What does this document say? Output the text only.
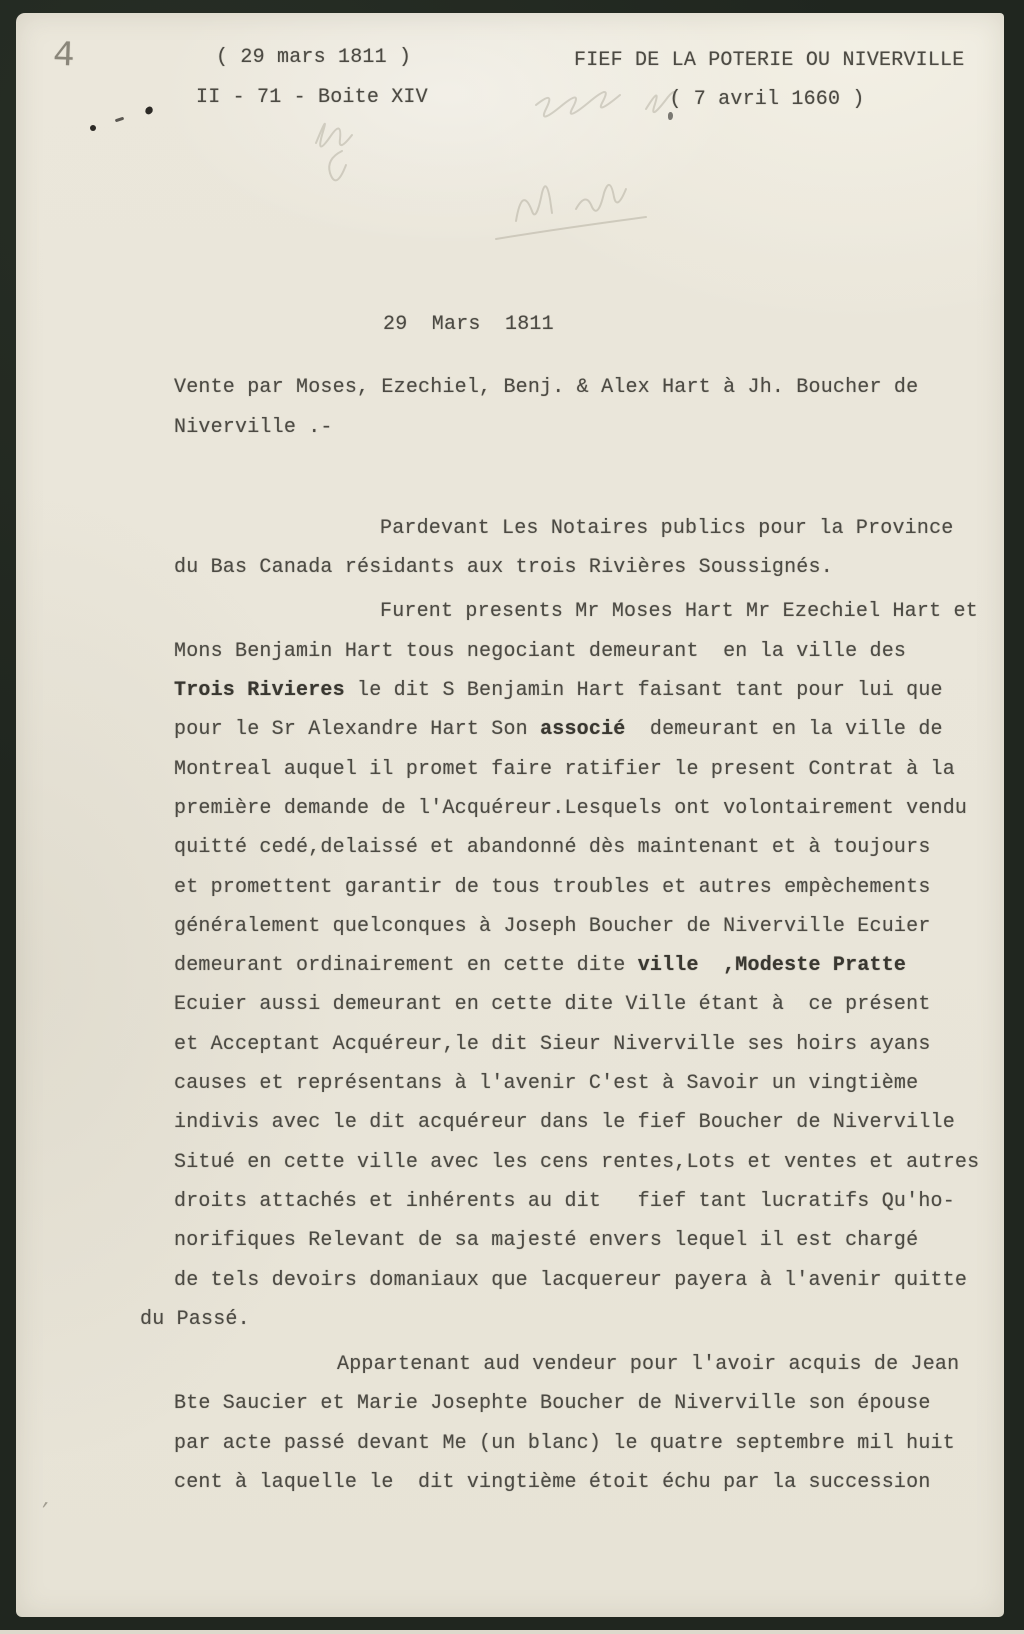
4	( 29 mars 1811 )
II - 71 - Boite XIV
FIEF DE LA POTERIE OU NIVERVILLE
( 7 avril 1660 )
29  Mars  1811
Vente par Moses, Ezechiel, Benj. & Alex Hart à Jh. Boucher de
Niverville .-
Pardevant Les Notaires publics pour la Province
du Bas Canada résidants aux trois Rivières Soussignés.
Furent presents Mr Moses Hart Mr Ezechiel Hart et
Mons Benjamin Hart tous negociant demeurant  en la ville des
Trois Rivieres le dit S Benjamin Hart faisant tant pour lui que
pour le Sr Alexandre Hart Son associé  demeurant en la ville de
Montreal auquel il promet faire ratifier le present Contrat à la
première demande de l'Acquéreur.Lesquels ont volontairement vendu
quitté cedé,delaissé et abandonné dès maintenant et à toujours
et promettent garantir de tous troubles et autres empèchements
généralement quelconques à Joseph Boucher de Niverville Ecuier
demeurant ordinairement en cette dite ville  ,Modeste Pratte
Ecuier aussi demeurant en cette dite Ville étant à  ce présent
et Acceptant Acquéreur,le dit Sieur Niverville ses hoirs ayans
causes et représentans à l'avenir C'est à Savoir un vingtième
indivis avec le dit acquéreur dans le fief Boucher de Niverville
Situé en cette ville avec les cens rentes,Lots et ventes et autres
droits attachés et inhérents au dit   fief tant lucratifs Qu'ho-
norifiques Relevant de sa majesté envers lequel il est chargé
de tels devoirs domaniaux que lacquereur payera à l'avenir quitte
du Passé.
Appartenant aud vendeur pour l'avoir acquis de Jean
Bte Saucier et Marie Josephte Boucher de Niverville son épouse
par acte passé devant Me (un blanc) le quatre septembre mil huit
cent à laquelle le  dit vingtième étoit échu par la succession
,
